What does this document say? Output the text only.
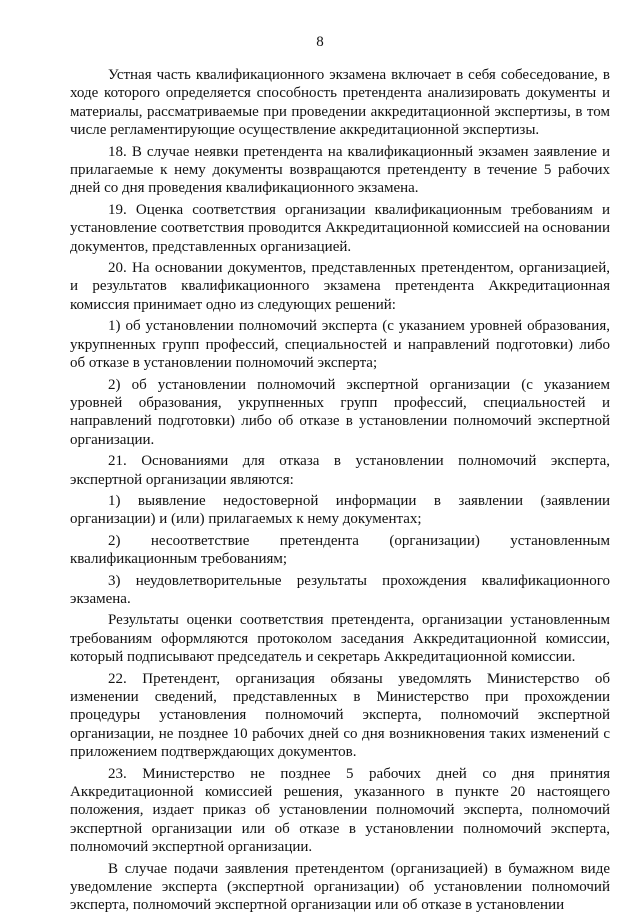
8

Устная часть квалификационного экзамена включает в себя собеседование, в ходе которого определяется способность претендента анализировать документы и материалы, рассматриваемые при проведении аккредитационной экспертизы, в том числе регламентирующие осуществление аккредитационной экспертизы.

18. В случае неявки претендента на квалификационный экзамен заявление и прилагаемые к нему документы возвращаются претенденту в течение 5 рабочих дней со дня проведения квалификационного экзамена.

19. Оценка соответствия организации квалификационным требованиям и установление соответствия проводится Аккредитационной комиссией на основании документов, представленных организацией.

20. На основании документов, представленных претендентом, организацией, и результатов квалификационного экзамена претендента Аккредитационная комиссия принимает одно из следующих решений:

1) об установлении полномочий эксперта (с указанием уровней образования, укрупненных групп профессий, специальностей и направлений подготовки) либо об отказе в установлении полномочий эксперта;

2) об установлении полномочий экспертной организации (с указанием уровней образования, укрупненных групп профессий, специальностей и направлений подготовки) либо об отказе в установлении полномочий экспертной организации.

21. Основаниями для отказа в установлении полномочий эксперта, экспертной организации являются:

1) выявление недостоверной информации в заявлении (заявлении организации) и (или) прилагаемых к нему документах;

2) несоответствие претендента (организации) установленным квалификационным требованиям;

3) неудовлетворительные результаты прохождения квалификационного экзамена.

Результаты оценки соответствия претендента, организации установленным требованиям оформляются протоколом заседания Аккредитационной комиссии, который подписывают председатель и секретарь Аккредитационной комиссии.

22. Претендент, организация обязаны уведомлять Министерство об изменении сведений, представленных в Министерство при прохождении процедуры установления полномочий эксперта, полномочий экспертной организации, не позднее 10 рабочих дней со дня возникновения таких изменений с приложением подтверждающих документов.

23. Министерство не позднее 5 рабочих дней со дня принятия Аккредитационной комиссией решения, указанного в пункте 20 настоящего положения, издает приказ об установлении полномочий эксперта, полномочий экспертной организации или об отказе в установлении полномочий эксперта, полномочий экспертной организации.

В случае подачи заявления претендентом (организацией) в бумажном виде уведомление эксперта (экспертной организации) об установлении полномочий эксперта, полномочий экспертной организации или об отказе в установлении
